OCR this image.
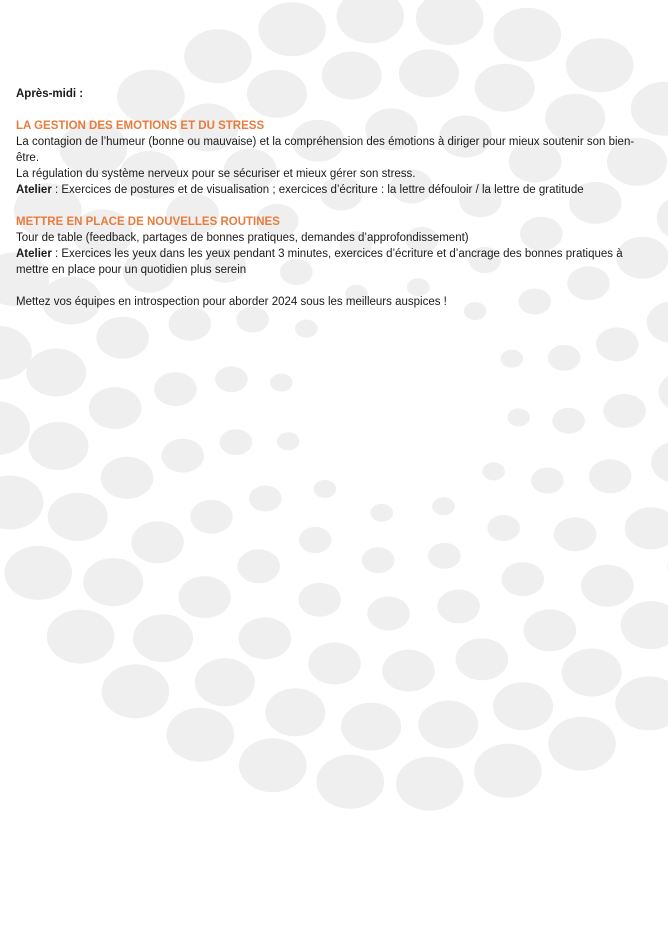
Après-midi :

LA GESTION DES EMOTIONS ET DU STRESS

La contagion de l’humeur (bonne ou mauvaise) et la compréhension des émotions à diriger pour mieux soutenir son bien-être.

La régulation du système nerveux pour se sécuriser et mieux gérer son stress.

Atelier : Exercices de postures et de visualisation ; exercices d’écriture : la lettre défouloir / la lettre de gratitude

METTRE EN PLACE DE NOUVELLES ROUTINES

Tour de table (feedback, partages de bonnes pratiques, demandes d’approfondissement)

Atelier : Exercices les yeux dans les yeux pendant 3 minutes, exercices d’écriture et d’ancrage des bonnes pratiques à mettre en place pour un quotidien plus serein

Mettez vos équipes en introspection pour aborder 2024 sous les meilleurs auspices !
